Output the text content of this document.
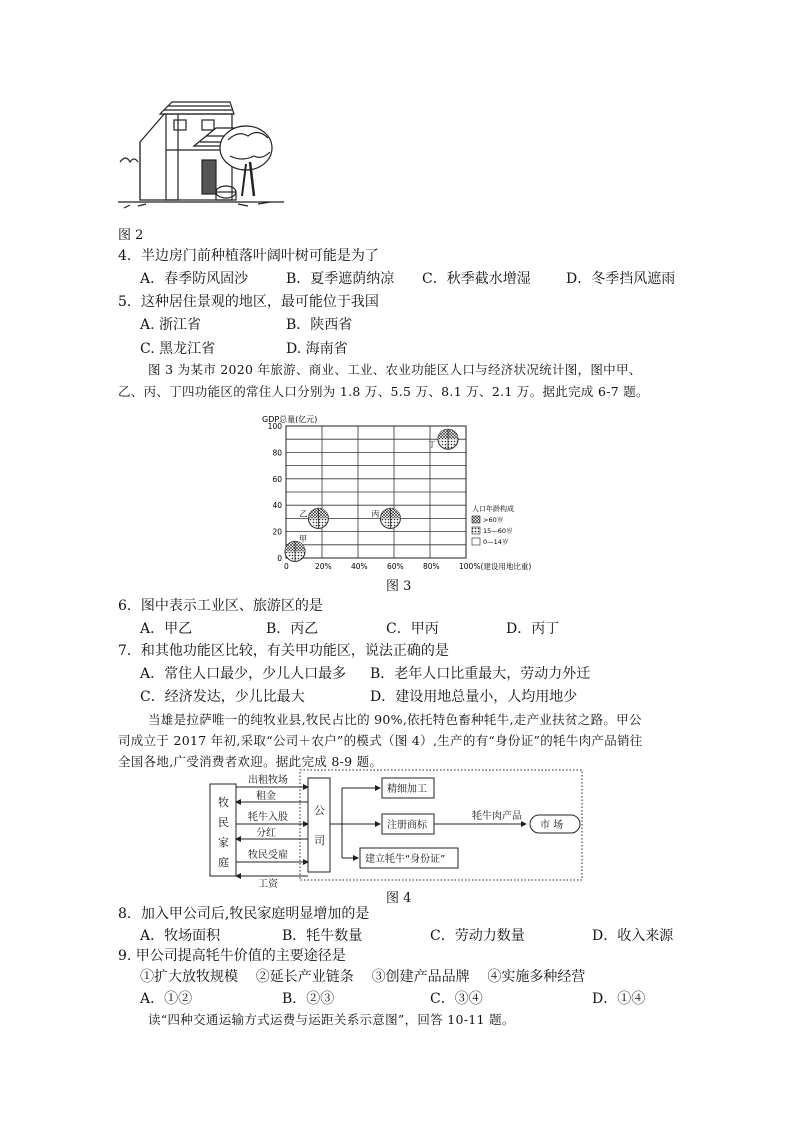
图 2
4．半边房门前种植落叶阔叶树可能是为了
A．春季防风固沙	B．夏季遮荫纳凉 C．秋季截水增湿	D．冬季挡风遮雨
5．这种居住景观的地区，最可能位于我国
A. 浙江省	B．陕西省
C. 黑龙江省	D. 海南省
图 3 为某市 2020 年旅游、商业、工业、农业功能区人口与经济状况统计图，图中甲、
乙、丙、丁四功能区的常住人口分别为 1.8 万、5.5 万、8.1 万、2.1 万。据此完成 6-7 题。
GDP总量(亿元)
100
80
60
40
20
0
20%	40%	60%	80%	100%(建设用地比重)
0
甲
乙	丙
丁
人口年龄构成
>60岁
15—60岁
0—14岁
图 3
6．图中表示工业区、旅游区的是
A．甲乙	B．丙乙	C．甲丙	D．丙丁
7．和其他功能区比较，有关甲功能区，说法正确的是
A．常住人口最少，少儿人口最多 B．老年人口比重最大，劳动力外迁
C．经济发达，少儿比最大	D．建设用地总量小，人均用地少
当雄是拉萨唯一的纯牧业县,牧民占比的 90%,依托特色畜种牦牛,走产业扶贫之路。甲公
司成立于 2017 年初,采取“公司＋农户”的模式（图 4）,生产的有“身份证”的牦牛肉产品销往
全国各地,广受消费者欢迎。据此完成 8-9 题。
牧
民
家
庭
公
司
出租牧场
租金
牦牛入股
分红
牧民受雇
工资
精细加工
注册商标
建立牦牛“身份证”
牦牛肉产品
市 场
图 4
8．加入甲公司后,牧民家庭明显增加的是
A．牧场面积	B．牦牛数量	C．劳动力数量	D．收入来源
9. 甲公司提高牦牛价值的主要途径是
①扩大放牧规模    ②延长产业链条    ③创建产品品牌    ④实施多种经营
A．①②	B．②③	C．③④	D．①④
读“四种交通运输方式运费与运距关系示意图”，回答 10-11 题。
